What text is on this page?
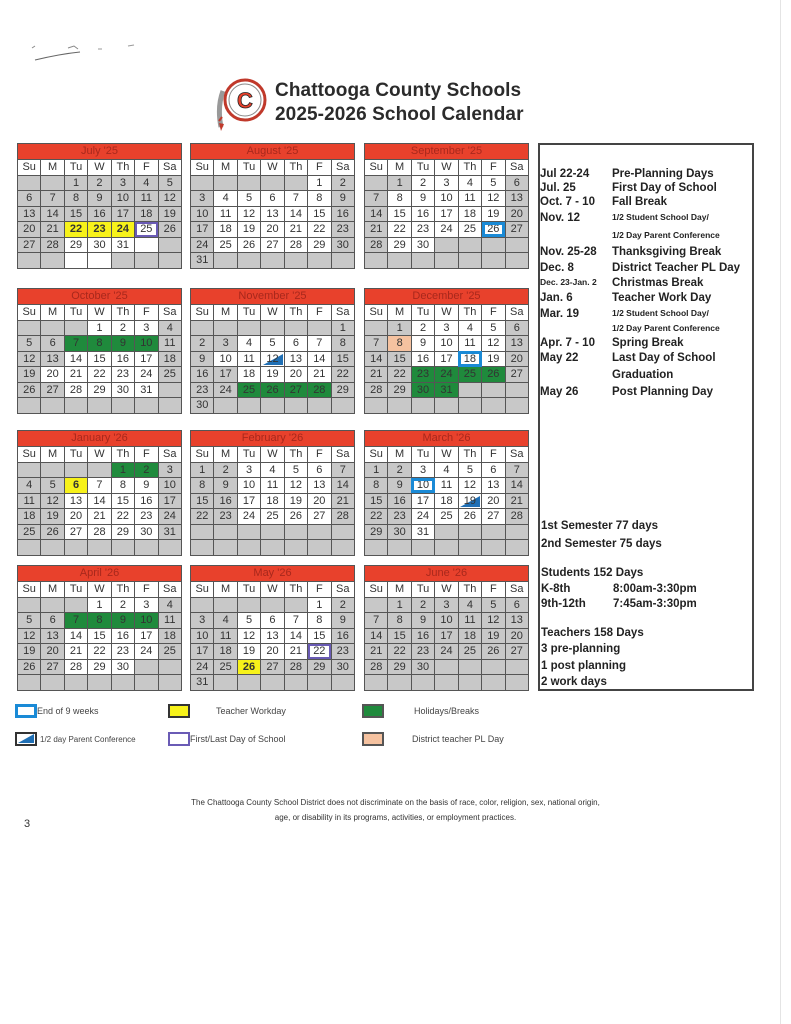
C Chattooga County Schools
2025-2026 School Calendar
July '25
Su	M	Tu	W	Th	F	Sa
		1	2	3	4	5
6	7	8	9	10	11	12
13	14	15	16	17	18	19
20	21	22	23	24	25	26
27	28	29	30	31		

August '25
Su	M	Tu	W	Th	F	Sa
					1	2
3	4	5	6	7	8	9
10	11	12	13	14	15	16
17	18	19	20	21	22	23
24	25	26	27	28	29	30
31						
September '25
Su	M	Tu	W	Th	F	Sa
	1	2	3	4	5	6
7	8	9	10	11	12	13
14	15	16	17	18	19	20
21	22	23	24	25	26	27
28	29	30				

October '25
Su	M	Tu	W	Th	F	Sa
			1	2	3	4
5	6	7	8	9	10	11
12	13	14	15	16	17	18
19	20	21	22	23	24	25
26	27	28	29	30	31	

November '25
Su	M	Tu	W	Th	F	Sa
						1
2	3	4	5	6	7	8
9	10	11	12	13	14	15
16	17	18	19	20	21	22
23	24	25	26	27	28	29
30						
December '25
Su	M	Tu	W	Th	F	Sa
	1	2	3	4	5	6
7	8	9	10	11	12	13
14	15	16	17	18	19	20
21	22	23	24	25	26	27
28	29	30	31			

January '26
Su	M	Tu	W	Th	F	Sa
				1	2	3
4	5	6	7	8	9	10
11	12	13	14	15	16	17
18	19	20	21	22	23	24
25	26	27	28	29	30	31

February '26
Su	M	Tu	W	Th	F	Sa
1	2	3	4	5	6	7
8	9	10	11	12	13	14
15	16	17	18	19	20	21
22	23	24	25	26	27	28

March '26
Su	M	Tu	W	Th	F	Sa
1	2	3	4	5	6	7
8	9	10	11	12	13	14
15	16	17	18	19	20	21
22	23	24	25	26	27	28
29	30	31				

April '26
Su	M	Tu	W	Th	F	Sa
			1	2	3	4
5	6	7	8	9	10	11
12	13	14	15	16	17	18
19	20	21	22	23	24	25
26	27	28	29	30		

May '26
Su	M	Tu	W	Th	F	Sa
					1	2
3	4	5	6	7	8	9
10	11	12	13	14	15	16
17	18	19	20	21	22	23
24	25	26	27	28	29	30
31						
June '26
Su	M	Tu	W	Th	F	Sa
	1	2	3	4	5	6
7	8	9	10	11	12	13
14	15	16	17	18	19	20
21	22	23	24	25	26	27
28	29	30				

Jul 22-24 Pre-Planning Days
Jul. 25	First Day of School
Oct. 7 - 10 Fall Break
Nov. 12	1/2 Student School Day/
1/2 Day Parent Conference
Nov. 25-28 Thanksgiving Break
Dec. 8	District Teacher PL Day
Dec. 23-Jan. 2 Christmas Break
Jan. 6	Teacher Work Day
Mar. 19	1/2 Student School Day/
1/2 Day Parent Conference
Apr. 7 - 10 Spring Break
May 22	Last Day of School
Graduation
May 26	Post Planning Day
1st Semester 77 days
2nd Semester 75 days
Students 152 Days
K-8th	8:00am-3:30pm
9th-12th 7:45am-3:30pm
Teachers 158 Days
3 pre-planning
1 post planning
2 work days
End of 9 weeks	Teacher Workday	Holidays/Breaks
1/2 day Parent Conference	First/Last Day of School	District teacher PL Day
The Chattooga County School District does not discriminate on the basis of race, color, religion, sex, national origin,
age, or disability in its programs, activities, or employment practices.
3
